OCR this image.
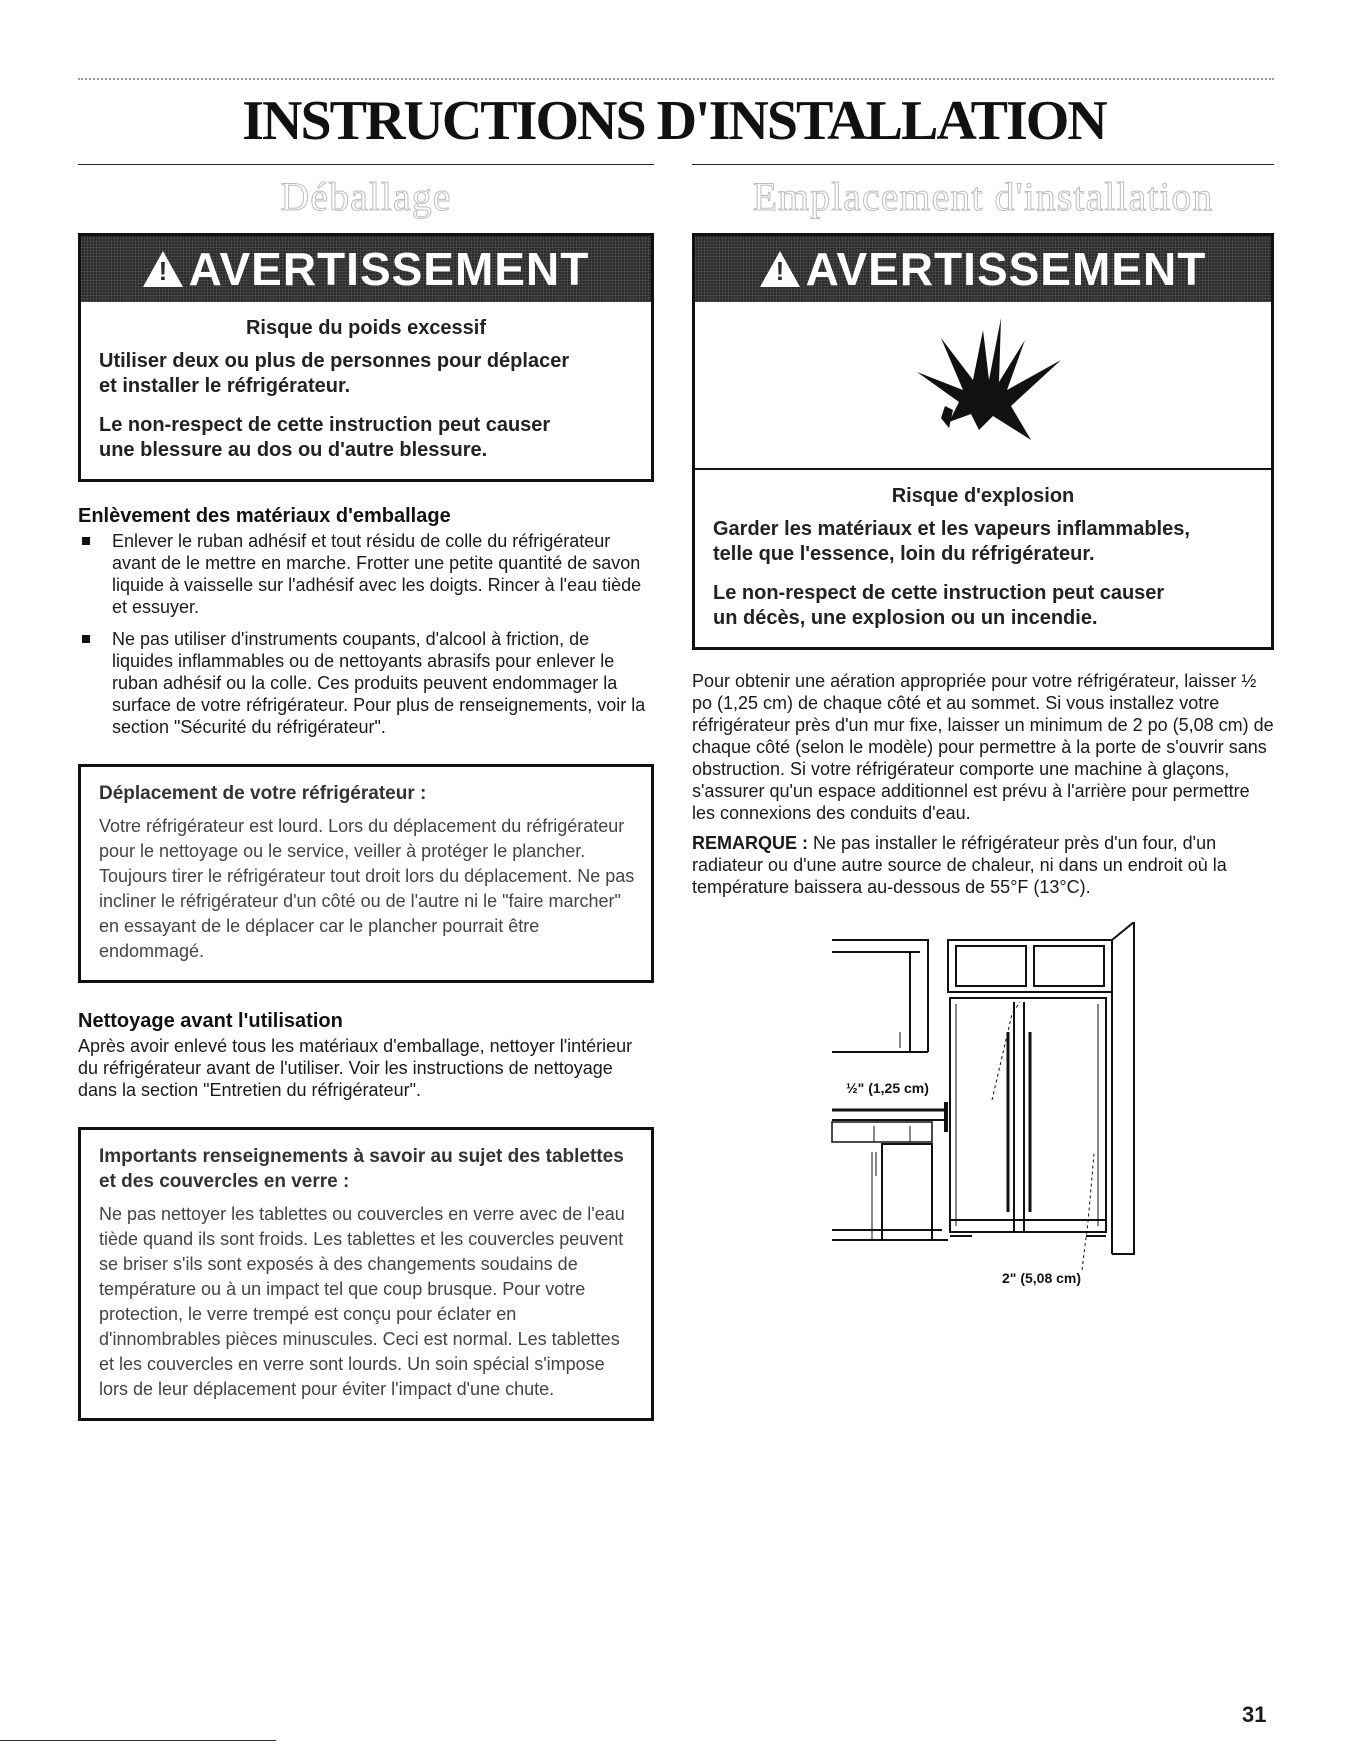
INSTRUCTIONS D'INSTALLATION
Déballage
! AVERTISSEMENT

Risque du poids excessif

Utiliser deux ou plus de personnes pour déplacer

et installer le réfrigérateur.

Le non-respect de cette instruction peut causer

une blessure au dos ou d'autre blessure.

Enlèvement des matériaux d'emballage

Enlever le ruban adhésif et tout résidu de colle du réfrigérateur avant de le mettre en marche. Frotter une petite quantité de savon liquide à vaisselle sur l'adhésif avec les doigts. Rincer à l'eau tiède et essuyer.
Ne pas utiliser d'instruments coupants, d'alcool à friction, de liquides inflammables ou de nettoyants abrasifs pour enlever le ruban adhésif ou la colle. Ces produits peuvent endommager la surface de votre réfrigérateur. Pour plus de renseignements, voir la section "Sécurité du réfrigérateur".

Déplacement de votre réfrigérateur :

Votre réfrigérateur est lourd. Lors du déplacement du réfrigérateur pour le nettoyage ou le service, veiller à protéger le plancher. Toujours tirer le réfrigérateur tout droit lors du déplacement. Ne pas incliner le réfrigérateur d'un côté ou de l'autre ni le "faire marcher" en essayant de le déplacer car le plancher pourrait être endommagé.

Nettoyage avant l'utilisation

Après avoir enlevé tous les matériaux d'emballage, nettoyer l'intérieur du réfrigérateur avant de l'utiliser. Voir les instructions de nettoyage dans la section "Entretien du réfrigérateur".

Importants renseignements à savoir au sujet des tablettes et des couvercles en verre :

Ne pas nettoyer les tablettes ou couvercles en verre avec de l'eau tiède quand ils sont froids. Les tablettes et les couvercles peuvent se briser s'ils sont exposés à des changements soudains de température ou à un impact tel que coup brusque. Pour votre protection, le verre trempé est conçu pour éclater en d'innombrables pièces minuscules. Ceci est normal. Les tablettes et les couvercles en verre sont lourds. Un soin spécial s'impose lors de leur déplacement pour éviter l'impact d'une chute.

Emplacement d'installation
! AVERTISSEMENT

Risque d'explosion

Garder les matériaux et les vapeurs inflammables,

telle que l'essence, loin du réfrigérateur.

Le non-respect de cette instruction peut causer

un décès, une explosion ou un incendie.

Pour obtenir une aération appropriée pour votre réfrigérateur, laisser ½ po (1,25 cm) de chaque côté et au sommet. Si vous installez votre réfrigérateur près d'un mur fixe, laisser un minimum de 2 po (5,08 cm) de chaque côté (selon le modèle) pour permettre à la porte de s'ouvrir sans obstruction. Si votre réfrigérateur comporte une machine à glaçons, s'assurer qu'un espace additionnel est prévu à l'arrière pour permettre les connexions des conduits d'eau.

REMARQUE : Ne pas installer le réfrigérateur près d'un four, d'un radiateur ou d'une autre source de chaleur, ni dans un endroit où la température baissera au-dessous de 55°F (13°C).

½" (1,25 cm)
2" (5,08 cm)
31
